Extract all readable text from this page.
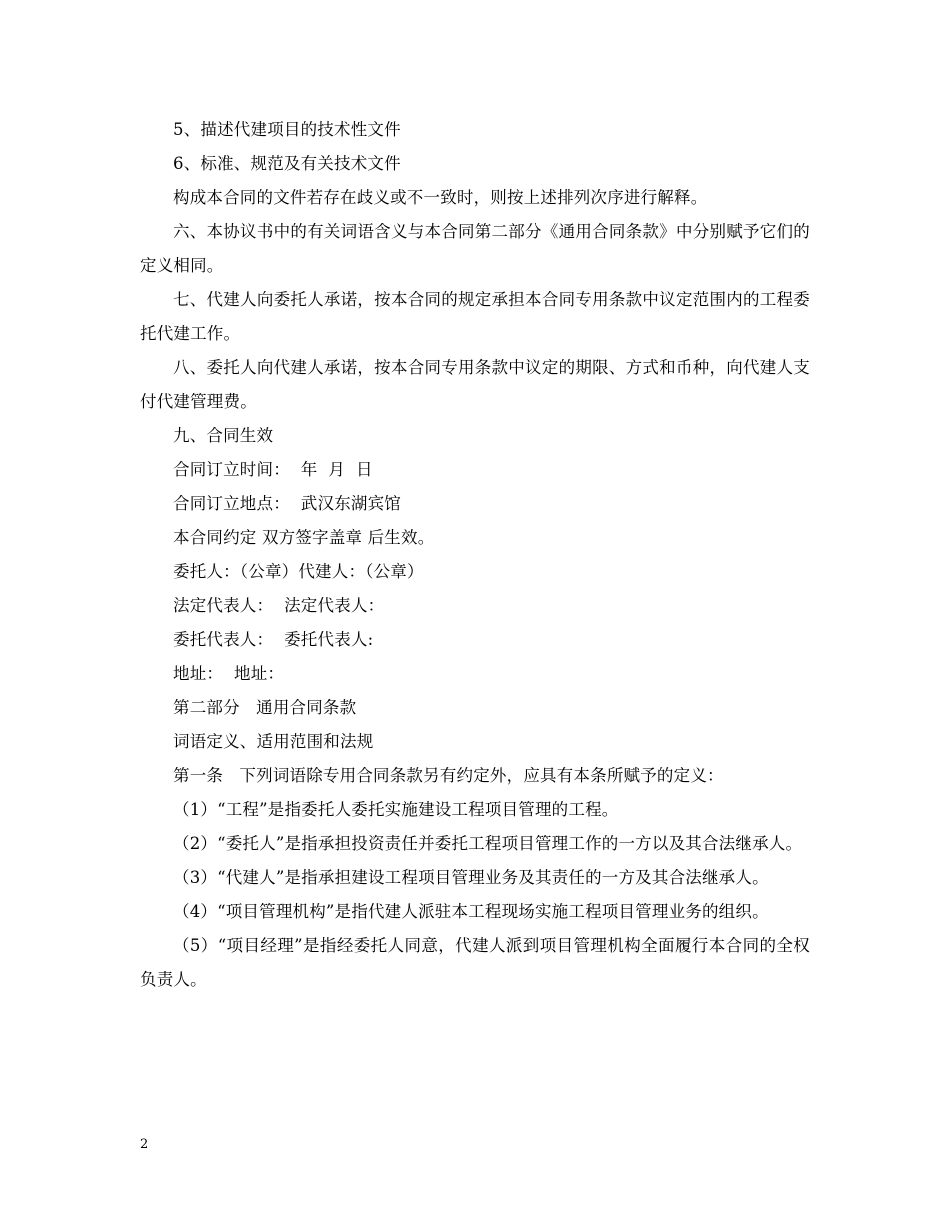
5、描述代建项目的技术性文件

6、标准、规范及有关技术文件

构成本合同的文件若存在歧义或不一致时，则按上述排列次序进行解释。

六、本协议书中的有关词语含义与本合同第二部分《通用合同条款》中分别赋予它们的定义相同。

七、代建人向委托人承诺，按本合同的规定承担本合同专用条款中议定范围内的工程委托代建工作。

八、委托人向代建人承诺，按本合同专用条款中议定的期限、方式和币种，向代建人支付代建管理费。

九、合同生效

合同订立时间：  年  月  日

合同订立地点：  武汉东湖宾馆

本合同约定 双方签字盖章 后生效。

委托人：（公章）代建人：（公章）

法定代表人：  法定代表人：

委托代表人：  委托代表人:

地址：  地址：

第二部分   通用合同条款

词语定义、适用范围和法规

第一条   下列词语除专用合同条款另有约定外，应具有本条所赋予的定义：

（1）“工程”是指委托人委托实施建设工程项目管理的工程。

（2）“委托人”是指承担投资责任并委托工程项目管理工作的一方以及其合法继承人。

（3）“代建人”是指承担建设工程项目管理业务及其责任的一方及其合法继承人。

（4）“项目管理机构”是指代建人派驻本工程现场实施工程项目管理业务的组织。

（5）“项目经理”是指经委托人同意，代建人派到项目管理机构全面履行本合同的全权负责人。

2
